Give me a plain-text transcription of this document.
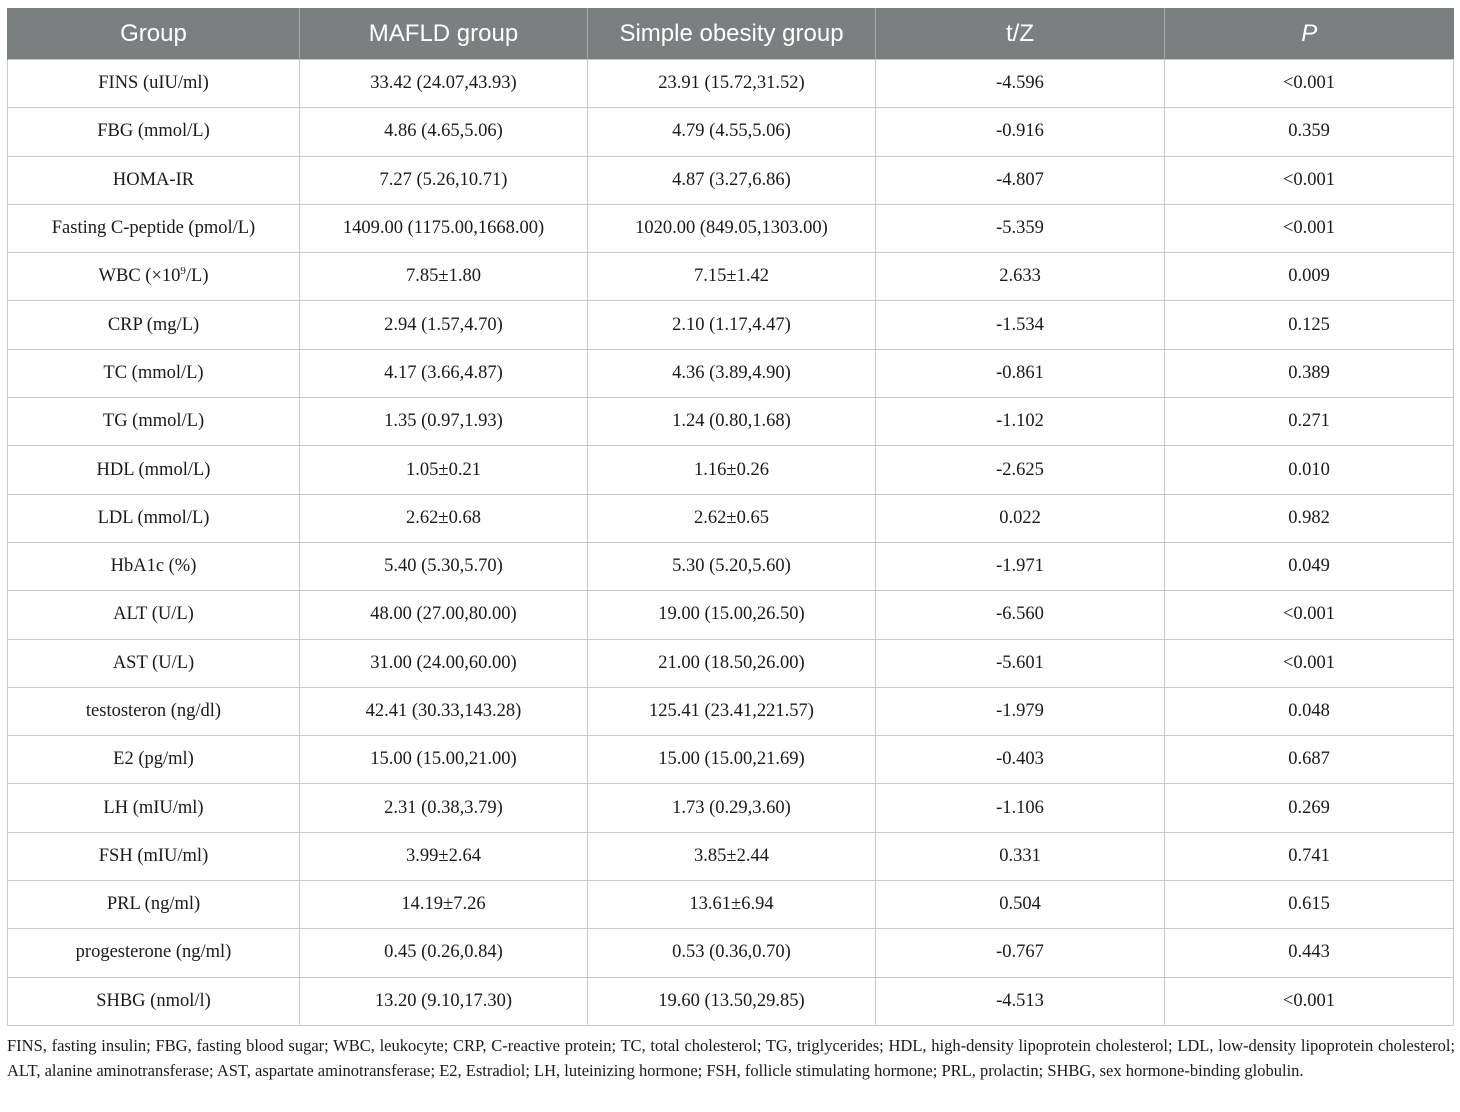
Group	MAFLD group	Simple obesity group	t/Z	P
FINS (uIU/ml)	33.42 (24.07,43.93)	23.91 (15.72,31.52)	-4.596	<0.001
FBG (mmol/L)	4.86 (4.65,5.06)	4.79 (4.55,5.06)	-0.916	0.359
HOMA-IR	7.27 (5.26,10.71)	4.87 (3.27,6.86)	-4.807	<0.001
Fasting C-peptide (pmol/L)	1409.00 (1175.00,1668.00)	1020.00 (849.05,1303.00)	-5.359	<0.001
WBC $(\times 10^9/L)$	7.85±1.80	7.15±1.42	2.633	0.009
CRP (mg/L)	2.94 (1.57,4.70)	2.10 (1.17,4.47)	-1.534	0.125
TC (mmol/L)	4.17 (3.66,4.87)	4.36 (3.89,4.90)	-0.861	0.389
TG (mmol/L)	1.35 (0.97,1.93)	1.24 (0.80,1.68)	-1.102	0.271
HDL (mmol/L)	1.05±0.21	1.16±0.26	-2.625	0.010
LDL (mmol/L)	2.62±0.68	2.62±0.65	0.022	0.982
HbA1c (%)	5.40 (5.30,5.70)	5.30 (5.20,5.60)	-1.971	0.049
ALT (U/L)	48.00 (27.00,80.00)	19.00 (15.00,26.50)	-6.560	<0.001
AST (U/L)	31.00 (24.00,60.00)	21.00 (18.50,26.00)	-5.601	<0.001
testosteron (ng/dl)	42.41 (30.33,143.28)	125.41 (23.41,221.57)	-1.979	0.048
E2 (pg/ml)	15.00 (15.00,21.00)	15.00 (15.00,21.69)	-0.403	0.687
LH (mIU/ml)	2.31 (0.38,3.79)	1.73 (0.29,3.60)	-1.106	0.269
FSH (mIU/ml)	3.99±2.64	3.85±2.44	0.331	0.741
PRL (ng/ml)	14.19±7.26	13.61±6.94	0.504	0.615
progesterone (ng/ml)	0.45 (0.26,0.84)	0.53 (0.36,0.70)	-0.767	0.443
SHBG (nmol/l)	13.20 (9.10,17.30)	19.60 (13.50,29.85)	-4.513	<0.001
FINS, fasting insulin; FBG, fasting blood sugar; WBC, leukocyte; CRP, C-reactive protein; TC, total cholesterol; TG, triglycerides; HDL, high-density lipoprotein cholesterol; LDL, low-density lipoprotein cholesterol; ALT, alanine aminotransferase; AST, aspartate aminotransferase; E2, Estradiol; LH, luteinizing hormone; FSH, follicle stimulating hormone; PRL, prolactin; SHBG, sex hormone-binding globulin.
